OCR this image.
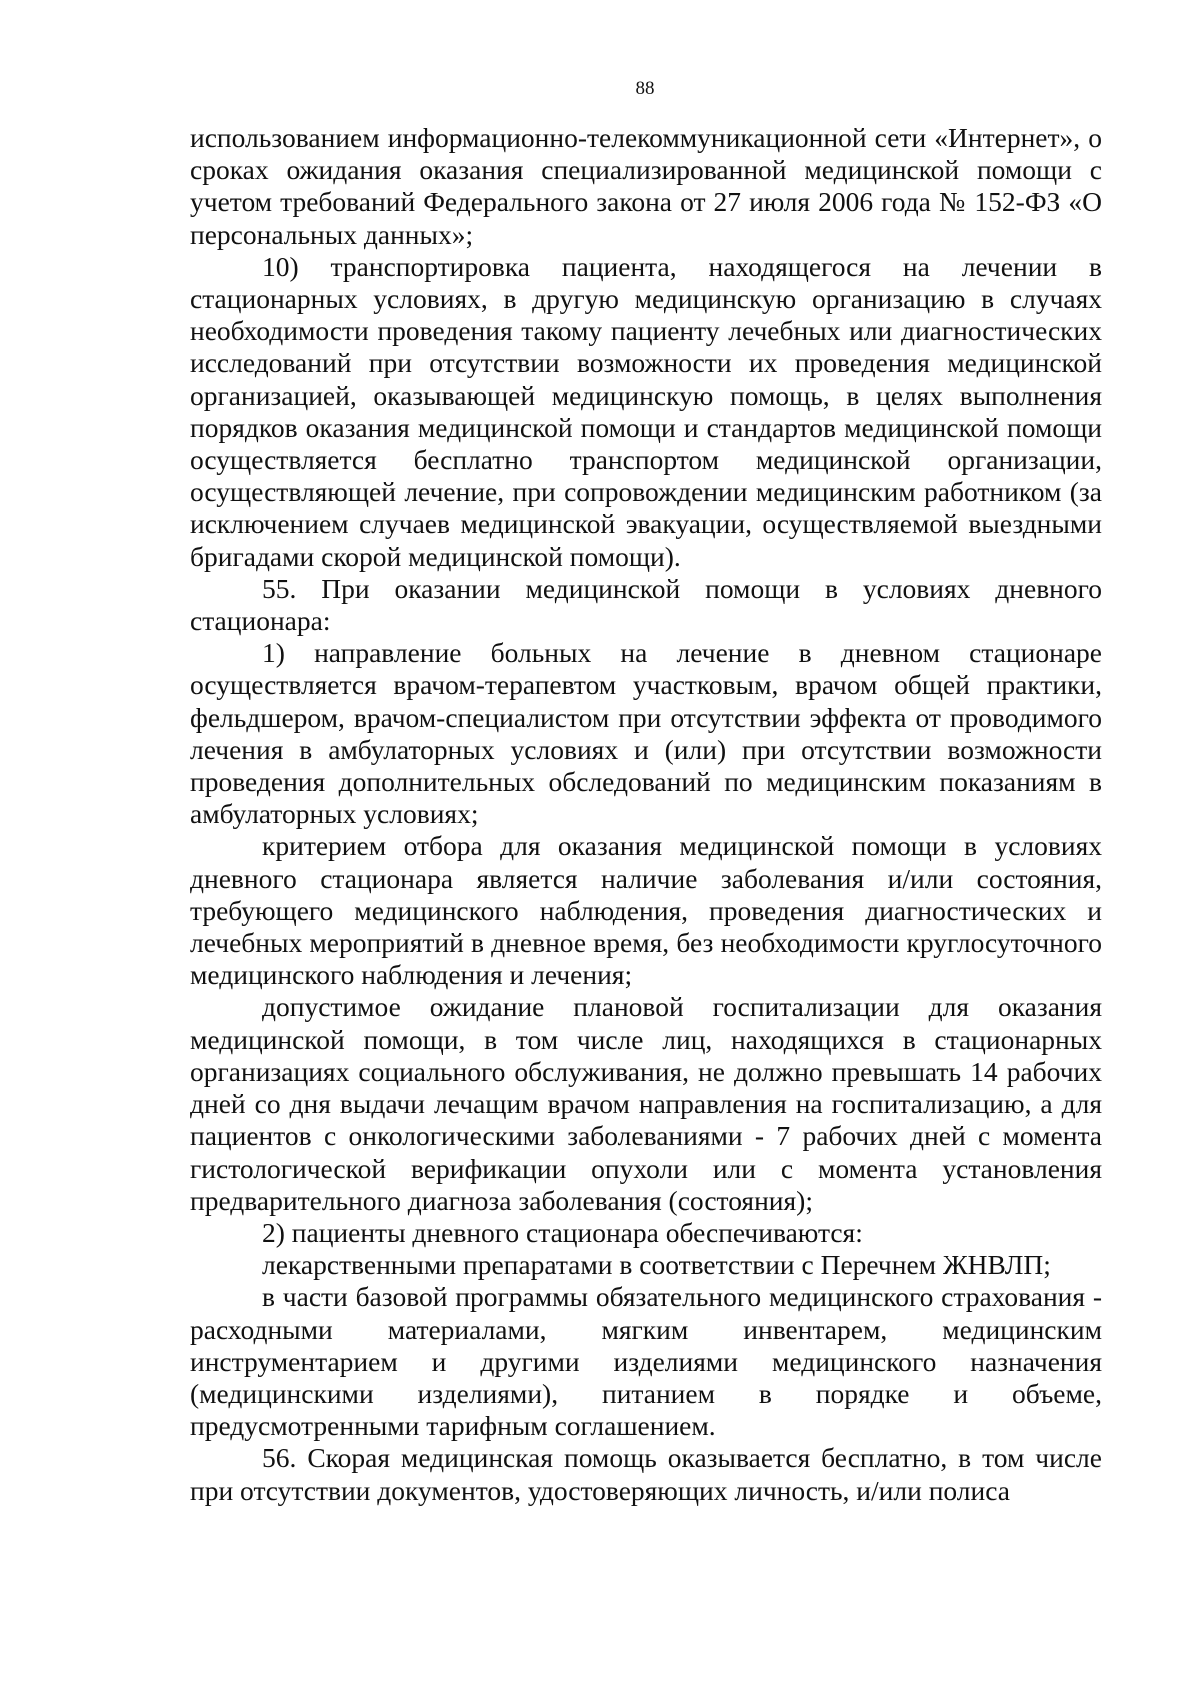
88

использованием информационно-телекоммуникационной сети «Интернет», о сроках ожидания оказания специализированной медицинской помощи с учетом требований Федерального закона от 27 июля 2006 года № 152-ФЗ «О персональных данных»;

10) транспортировка пациента, находящегося на лечении в стационарных условиях, в другую медицинскую организацию в случаях необходимости проведения такому пациенту лечебных или диагностических исследований при отсутствии возможности их проведения медицинской организацией, оказывающей медицинскую помощь, в целях выполнения порядков оказания медицинской помощи и стандартов медицинской помощи осуществляется бесплатно транспортом медицинской организации, осуществляющей лечение, при сопровождении медицинским работником (за исключением случаев медицинской эвакуации, осуществляемой выездными бригадами скорой медицинской помощи).

55. При оказании медицинской помощи в условиях дневного стационара:

1) направление больных на лечение в дневном стационаре осуществляется врачом-терапевтом участковым, врачом общей практики, фельдшером, врачом-специалистом при отсутствии эффекта от проводимого лечения в амбулаторных условиях и (или) при отсутствии возможности проведения дополнительных обследований по медицинским показаниям в амбулаторных условиях;

критерием отбора для оказания медицинской помощи в условиях дневного стационара является наличие заболевания и/или состояния, требующего медицинского наблюдения, проведения диагностических и лечебных мероприятий в дневное время, без необходимости круглосуточного медицинского наблюдения и лечения;

допустимое ожидание плановой госпитализации для оказания медицинской помощи, в том числе лиц, находящихся в стационарных организациях социального обслуживания, не должно превышать 14 рабочих дней со дня выдачи лечащим врачом направления на госпитализацию, а для пациентов с онкологическими заболеваниями - 7 рабочих дней с момента гистологической верификации опухоли или с момента установления предварительного диагноза заболевания (состояния);

2) пациенты дневного стационара обеспечиваются:

лекарственными препаратами в соответствии с Перечнем ЖНВЛП;

в части базовой программы обязательного медицинского страхования - расходными материалами, мягким инвентарем, медицинским инструментарием и другими изделиями медицинского назначения (медицинскими изделиями), питанием в порядке и объеме, предусмотренными тарифным соглашением.

56. Скорая медицинская помощь оказывается бесплатно, в том числе при отсутствии документов, удостоверяющих личность, и/или полиса
